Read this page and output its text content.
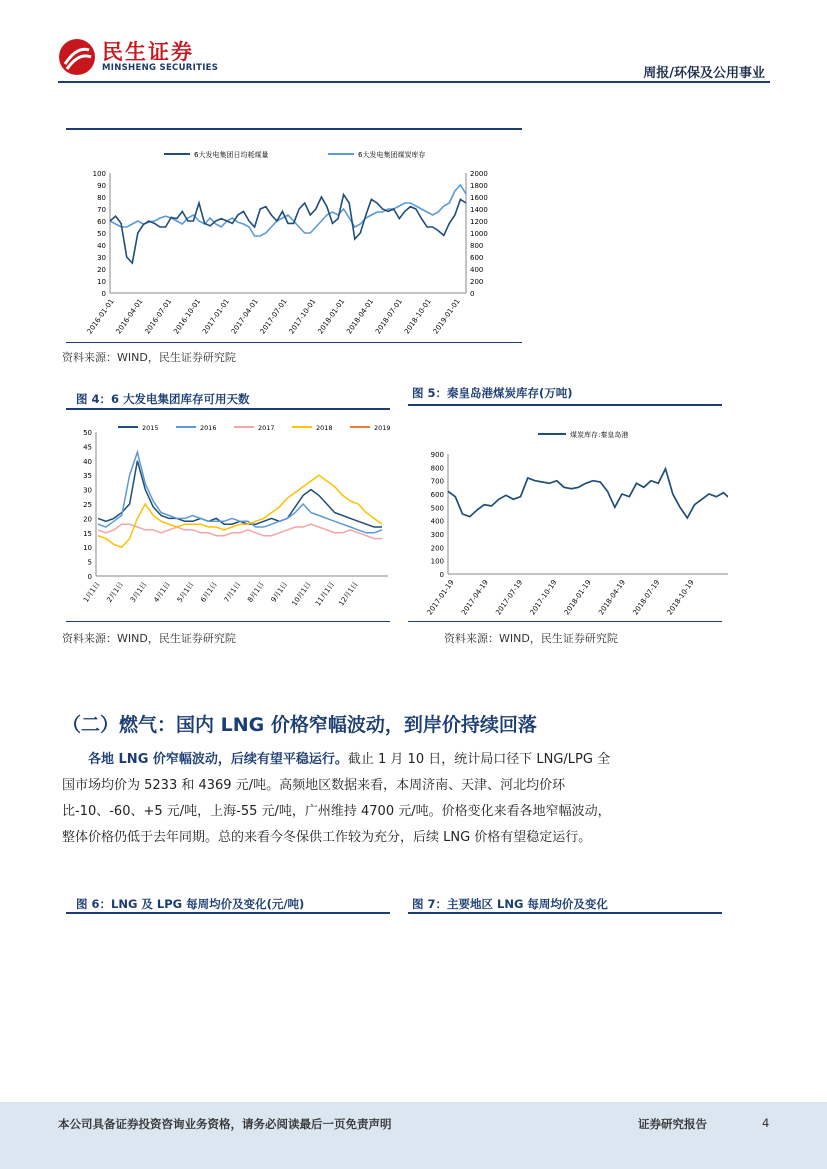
民生证券
MINSHENG SECURITIES	周报/环保及公用事业
6大发电集团日均耗煤量	6大发电集团煤炭库存
0
10
20
30
40
50
60
70
80
90
100
0
200
400
600
800
1000
1200
1400
1600
1800
2000
2016-01-01
2016-04-01
2016-07-01
2016-10-01
2017-01-01
2017-04-01
2017-07-01
2017-10-01
2018-01-01
2018-04-01
2018-07-01
2018-10-01
2019-01-01
资料来源：WIND，民生证券研究院
图 4：6 大发电集团库存可用天数
2015	2016	2017	2018	2019
0
5
10
15
20
25
30
35
40
45
50
1月1日 2月1日 3月1日 4月1日 5月1日 6月1日 7月1日 8月1日 9月1日 10月1日 11月1日 12月1日
资料来源：WIND，民生证券研究院
图 5：秦皇岛港煤炭库存(万吨)
煤炭库存:秦皇岛港
0
100
200
300
400
500
600
700
800
900
2017-01-19 2017-04-19 2017-07-19 2017-10-19 2018-01-19 2018-04-19 2018-07-19 2018-10-19
资料来源：WIND，民生证券研究院
（二）燃气：国内 LNG 价格窄幅波动，到岸价持续回落
各地 LNG 价窄幅波动，后续有望平稳运行。截止 1 月 10 日，统计局口径下 LNG/LPG 全国市场均价为 5233 和 4369 元/吨。高频地区数据来看，本周济南、天津、河北均价环比-10、-60、+5 元/吨，上海-55 元/吨，广州维持 4700 元/吨。价格变化来看各地窄幅波动，整体价格仍低于去年同期。总的来看今冬保供工作较为充分，后续 LNG 价格有望稳定运行。
图 6：LNG 及 LPG 每周均价及变化(元/吨)	图 7：主要地区 LNG 每周均价及变化
本公司具备证券投资咨询业务资格，请务必阅读最后一页免责声明	证券研究报告	4
